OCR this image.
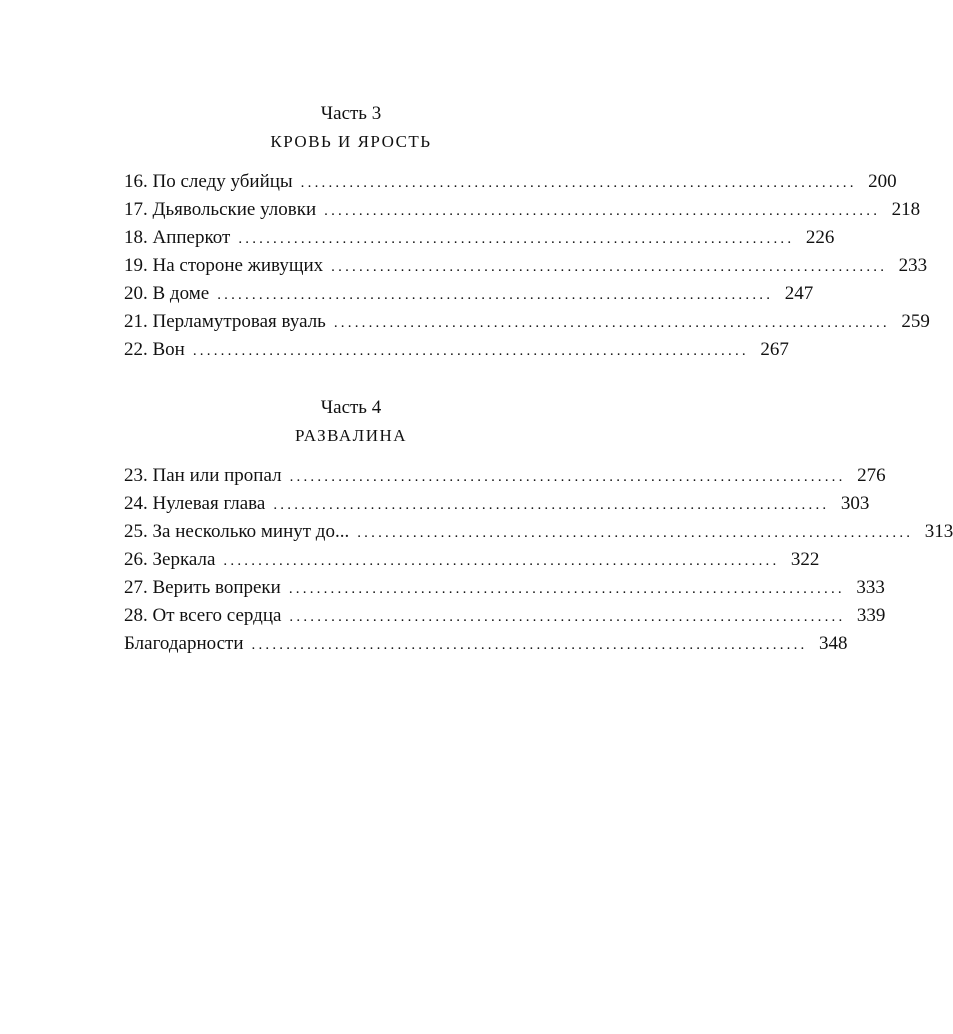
Часть 3
КРОВЬ И ЯРОСТЬ
16. По следу убийцы ................................................................................ 200
17. Дьявольские уловки ................................................................................ 218
18. Апперкот ................................................................................ 226
19. На стороне живущих ................................................................................ 233
20. В доме ................................................................................ 247
21. Перламутровая вуаль ................................................................................ 259
22. Вон ................................................................................ 267
Часть 4
РАЗВАЛИНА
23. Пан или пропал ................................................................................ 276
24. Нулевая глава ................................................................................ 303
25. За несколько минут до... ................................................................................ 313
26. Зеркала ................................................................................ 322
27. Верить вопреки ................................................................................ 333
28. От всего сердца ................................................................................ 339
Благодарности ................................................................................ 348
